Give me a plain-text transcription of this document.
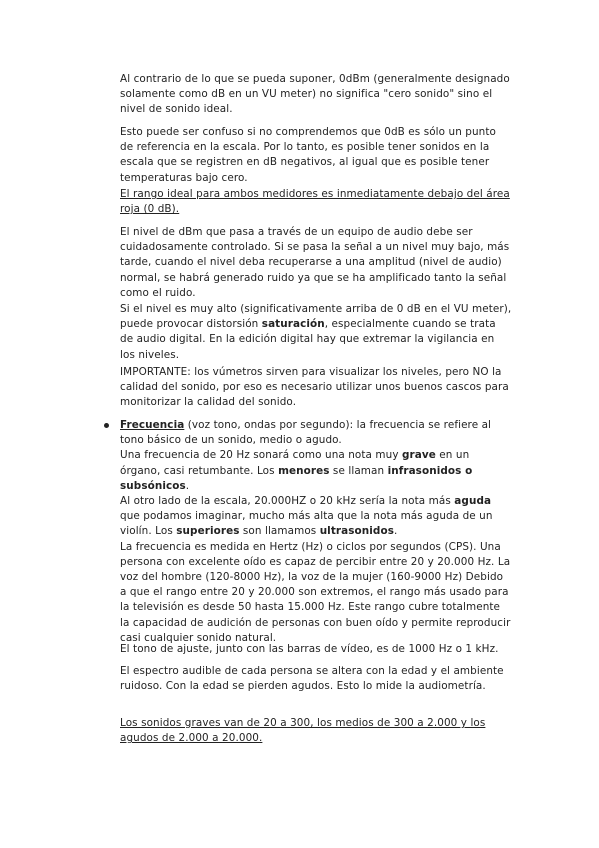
Al contrario de lo que se pueda suponer, 0dBm (generalmente designado solamente como dB en un VU meter) no significa "cero sonido" sino el nivel de sonido ideal.

Esto puede ser confuso si no comprendemos que 0dB es sólo un punto de referencia en la escala. Por lo tanto, es posible tener sonidos en la escala que se registren en dB negativos, al igual que es posible tener temperaturas bajo cero.

El rango ideal para ambos medidores es inmediatamente debajo del área roja (0 dB).

El nivel de dBm que pasa a través de un equipo de audio debe ser cuidadosamente controlado. Si se pasa la señal a un nivel muy bajo, más tarde, cuando el nivel deba recuperarse a una amplitud (nivel de audio) normal, se habrá generado ruido ya que se ha amplificado tanto la señal como el ruido.

Si el nivel es muy alto (significativamente arriba de 0 dB en el VU meter), puede provocar distorsión saturación, especialmente cuando se trata de audio digital. En la edición digital hay que extremar la vigilancia en los niveles.

IMPORTANTE: los vúmetros sirven para visualizar los niveles, pero NO la calidad del sonido, por eso es necesario utilizar unos buenos cascos para monitorizar la calidad del sonido.

Frecuencia (voz tono, ondas por segundo): la frecuencia se refiere al tono básico de un sonido, medio o agudo.
Una frecuencia de 20 Hz sonará como una nota muy grave en un órgano, casi retumbante. Los menores se llaman infrasonidos o subsónicos.
Al otro lado de la escala, 20.000HZ o 20 kHz sería la nota más aguda que podamos imaginar, mucho más alta que la nota más aguda de un violín. Los superiores son llamamos ultrasonidos.
La frecuencia es medida en Hertz (Hz) o ciclos por segundos (CPS). Una persona con excelente oído es capaz de percibir entre 20 y 20.000 Hz. La voz del hombre (120-8000 Hz), la voz de la mujer (160-9000 Hz) Debido a que el rango entre 20 y 20.000 son extremos, el rango más usado para la televisión es desde 50 hasta 15.000 Hz. Este rango cubre totalmente la capacidad de audición de personas con buen oído y permite reproducir casi cualquier sonido natural.

El tono de ajuste, junto con las barras de vídeo, es de 1000 Hz o 1 kHz.

El espectro audible de cada persona se altera con la edad y el ambiente ruidoso. Con la edad se pierden agudos. Esto lo mide la audiometría.

Los sonidos graves van de 20 a 300, los medios de 300 a 2.000 y los agudos de 2.000 a 20.000.
